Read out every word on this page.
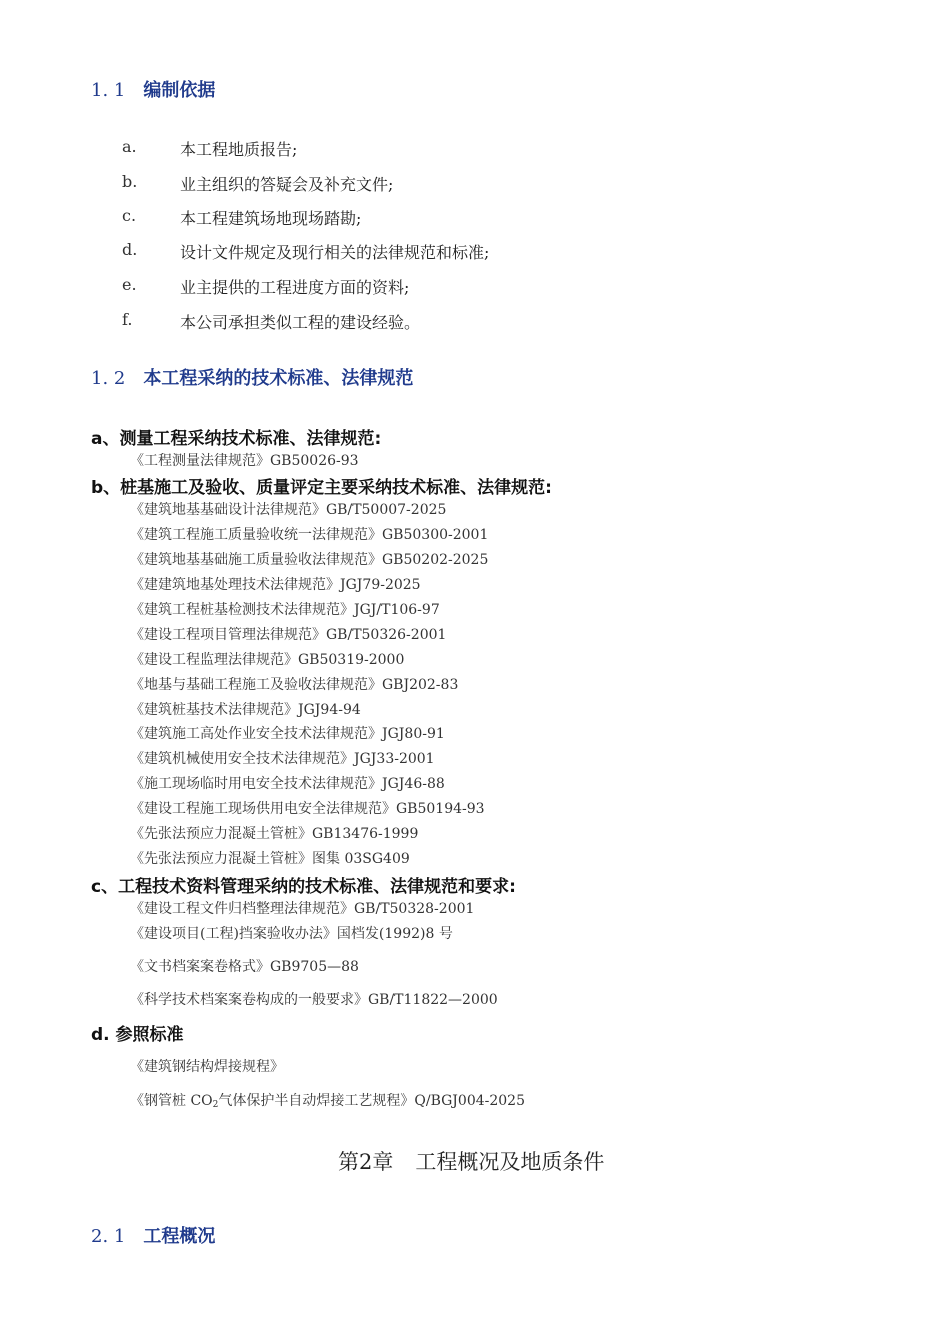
1. 1 编制依据
a.	本工程地质报告;
b.	业主组织的答疑会及补充文件;
c.	本工程建筑场地现场踏勘;
d.	设计文件规定及现行相关的法律规范和标准;
e.	业主提供的工程进度方面的资料;
f.	本公司承担类似工程的建设经验。
1. 2 本工程采纳的技术标准、法律规范
a、测量工程采纳技术标准、法律规范:
《工程测量法律规范》GB50026-93
b、桩基施工及验收、质量评定主要采纳技术标准、法律规范:
《建筑地基基础设计法律规范》GB/T50007-2025
《建筑工程施工质量验收统一法律规范》GB50300-2001
《建筑地基基础施工质量验收法律规范》GB50202-2025
《建建筑地基处理技术法律规范》JGJ79-2025
《建筑工程桩基检测技术法律规范》JGJ/T106-97
《建设工程项目管理法律规范》GB/T50326-2001
《建设工程监理法律规范》GB50319-2000
《地基与基础工程施工及验收法律规范》GBJ202-83
《建筑桩基技术法律规范》JGJ94-94
《建筑施工高处作业安全技术法律规范》JGJ80-91
《建筑机械使用安全技术法律规范》JGJ33-2001
《施工现场临时用电安全技术法律规范》JGJ46-88
《建设工程施工现场供用电安全法律规范》GB50194-93
《先张法预应力混凝土管桩》GB13476-1999
《先张法预应力混凝土管桩》图集 03SG409
c、工程技术资料管理采纳的技术标准、法律规范和要求:
《建设工程文件归档整理法律规范》GB/T50328-2001
《建设项目(工程)挡案验收办法》国档发(1992)8 号
《文书档案案卷格式》GB9705—88
《科学技术档案案卷构成的一般要求》GB/T11822—2000
d. 参照标准
《建筑钢结构焊接规程》
《钢管桩 $CO_2$气体保护半自动焊接工艺规程》Q/BGJ004-2025
第2章 工程概况及地质条件
2. 1 工程概况
